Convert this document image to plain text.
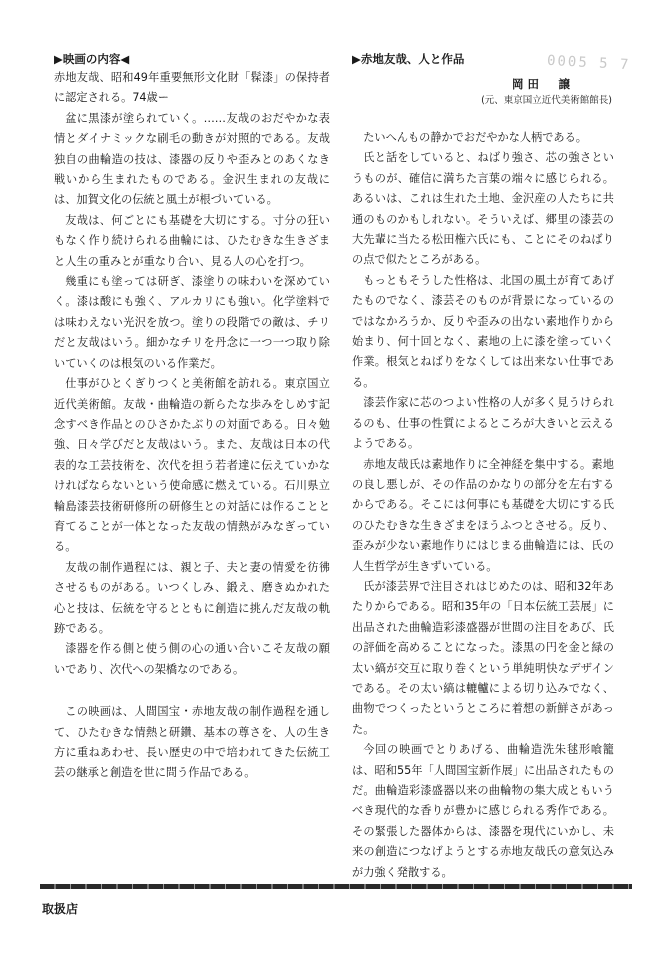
0005 5 7

▶映画の内容◀

赤地友哉、昭和49年重要無形文化財「髹漆」の保持者に認定される。74歳ー

盆に黒漆が塗られていく。……友哉のおだやかな表情とダイナミックな刷毛の動きが対照的である。友哉独自の曲輪造の技は、漆器の反りや歪みとのあくなき戦いから生まれたものである。金沢生まれの友哉には、加賀文化の伝統と風土が根づいている。

友哉は、何ごとにも基礎を大切にする。寸分の狂いもなく作り続けられる曲輪には、ひたむきな生きざまと人生の重みとが重なり合い、見る人の心を打つ。

幾重にも塗っては研ぎ、漆塗りの味わいを深めていく。漆は酸にも強く、アルカリにも強い。化学塗料では味わえない光沢を放つ。塗りの段階での敵は、チリだと友哉はいう。細かなチリを丹念に一つ一つ取り除いていくのは根気のいる作業だ。

仕事がひとくぎりつくと美術館を訪れる。東京国立近代美術館。友哉・曲輪造の新らたな歩みをしめす記念すべき作品とのひさかたぶりの対面である。日々勉強、日々学びだと友哉はいう。また、友哉は日本の代表的な工芸技術を、次代を担う若者達に伝えていかなければならないという使命感に燃えている。石川県立輪島漆芸技術研修所の研修生との対話には作ることと育てることが一体となった友哉の情熱がみなぎっている。

友哉の制作過程には、親と子、夫と妻の情愛を彷彿させるものがある。いつくしみ、鍛え、磨きぬかれた心と技は、伝統を守るとともに創造に挑んだ友哉の軌跡である。

漆器を作る側と使う側の心の通い合いこそ友哉の願いであり、次代への架橋なのである。

この映画は、人間国宝・赤地友哉の制作過程を通して、ひたむきな情熱と研鑽、基本の尊さを、人の生き方に重ねあわせ、長い歴史の中で培われてきた伝統工芸の継承と創造を世に問う作品である。

▶赤地友哉、人と作品

岡田　譲

(元、東京国立近代美術館館長)

たいへんもの静かでおだやかな人柄である。

氏と話をしていると、ねばり強さ、芯の強さというものが、確信に満ちた言葉の端々に感じられる。あるいは、これは生れた土地、金沢産の人たちに共通のものかもしれない。そういえば、郷里の漆芸の大先輩に当たる松田権六氏にも、ことにそのねばりの点で似たところがある。

もっともそうした性格は、北国の風土が育てあげたものでなく、漆芸そのものが背景になっているのではなかろうか、反りや歪みの出ない素地作りから始まり、何十回となく、素地の上に漆を塗っていく作業。根気とねばりをなくしては出来ない仕事である。

漆芸作家に芯のつよい性格の人が多く見うけられるのも、仕事の性質によるところが大きいと云えるようである。

赤地友哉氏は素地作りに全神経を集中する。素地の良し悪しが、その作品のかなりの部分を左右するからである。そこには何事にも基礎を大切にする氏のひたむきな生きざまをほうふつとさせる。反り、歪みが少ない素地作りにはじまる曲輪造には、氏の人生哲学が生きずいている。

氏が漆芸界で注目されはじめたのは、昭和32年あたりからである。昭和35年の「日本伝統工芸展」に出品された曲輪造彩漆盛器が世間の注目をあび、氏の評価を高めることになった。漆黒の円を金と緑の太い縞が交互に取り巻くという単純明快なデザインである。その太い縞は轆轤による切り込みでなく、曲物でつくったというところに着想の新鮮さがあった。

今回の映画でとりあげる、曲輪造洗朱毬形喰籠は、昭和55年「人間国宝新作展」に出品されたものだ。曲輪造彩漆盛器以来の曲輪物の集大成ともいうべき現代的な香りが豊かに感じられる秀作である。その緊張した器体からは、漆器を現代にいかし、未来の創造につなげようとする赤地友哉氏の意気込みが力強く発散する。

取扱店
